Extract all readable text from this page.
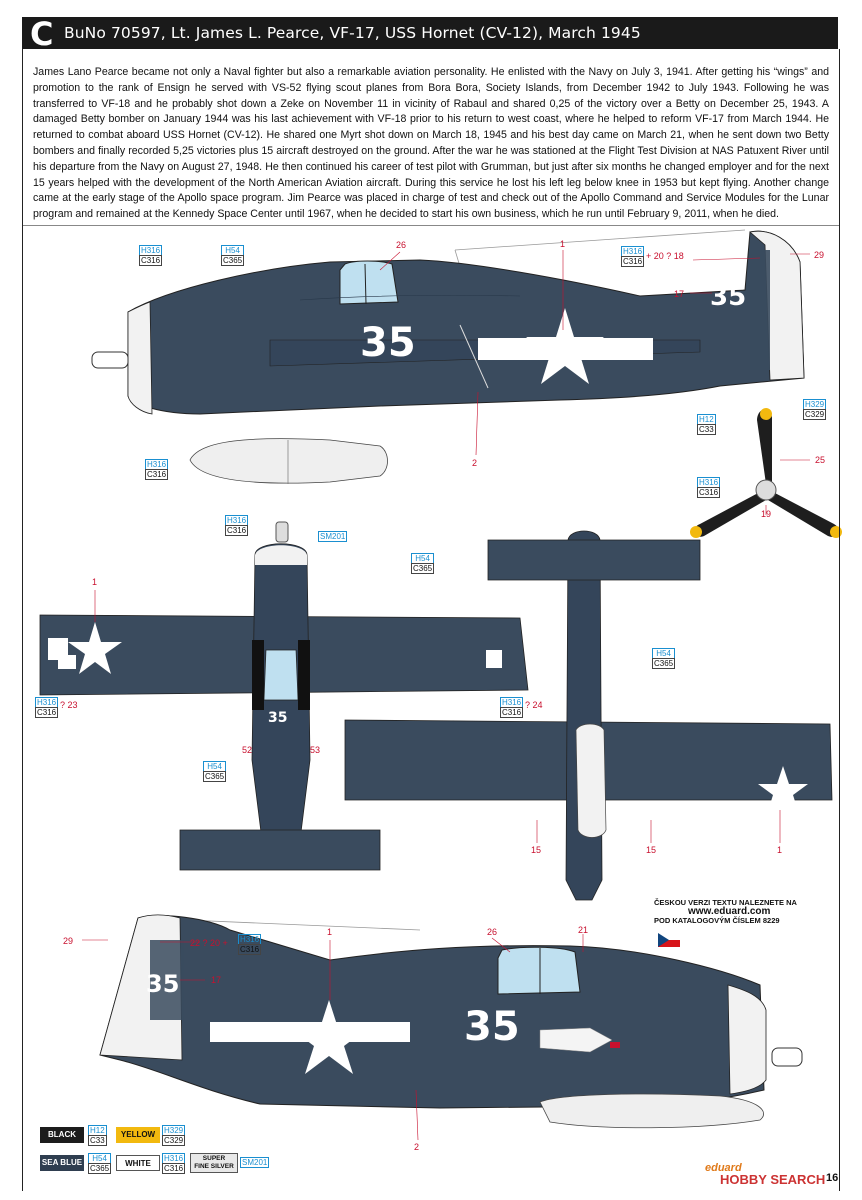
C BuNo 70597, Lt. James L. Pearce, VF-17, USS Hornet (CV-12), March 1945

James Lano Pearce became not only a Naval fighter but also a remarkable aviation personality. He enlisted with the Navy on July 3, 1941. After getting his “wings” and promotion to the rank of Ensign he served with VS-52 flying scout planes from Bora Bora, Society Islands, from December 1942 to July 1943. Following he was transferred to VF-18 and he probably shot down a Zeke on November 11 in vicinity of Rabaul and shared 0,25 of the victory over a Betty on December 25, 1943. A damaged Betty bomber on January 1944 was his last achievement with VF-18 prior to his return to west coast, where he helped to reform VF-17 from March 1944. He returned to combat aboard USS Hornet (CV-12). He shared one Myrt shot down on March 18, 1945 and his best day came on March 21, when he sent down two Betty bombers and finally recorded 5,25 victories plus 15 aircraft destroyed on the ground. After the war he was stationed at the Flight Test Division at NAS Patuxent River until his departure from the Navy on August 27, 1948. He then continued his career of test pilot with Grumman, but just after six months he changed employer and for the next 15 years helped with the development of the North American Aviation aircraft. During this service he lost his left leg below knee in 1953 but kept flying. Another change came at the early stage of the Apollo space program. Jim Pearce was placed in charge of test and check out of the Apollo Command and Service Modules for the Lunar program and remained at the Kennedy Space Center until 1967, when he decided to start his own business, which he run until February 9, 2011, when he died.

35
35
35
35	35
35
35
H316
C316
H54
C365
H316
C316
H329
C329
H12
C33
H316
C316
H316
C316
H316
C316
SM201
H54
C365
H54
C365
H316
C316
H316
C316
H54
C365
H316
C316
26	1
+ 20 ? 18	29
17
2	25
19
1
? 23	? 24
52	53
15	15	1
1	26	21
29	22 ? 20 +
17
2
ČESKOU VERZI TEXTU NALEZNETE NA
www.eduard.com
POD KATALOGOVÝM ČÍSLEM 8229
BLACK	H12
C33
YELLOW	H329
C329
SEA BLUE	H54
C365
WHITE
H316
C316
SUPER
FINE SILVER	SM201	eduard
HOBBY SEARCH 16
